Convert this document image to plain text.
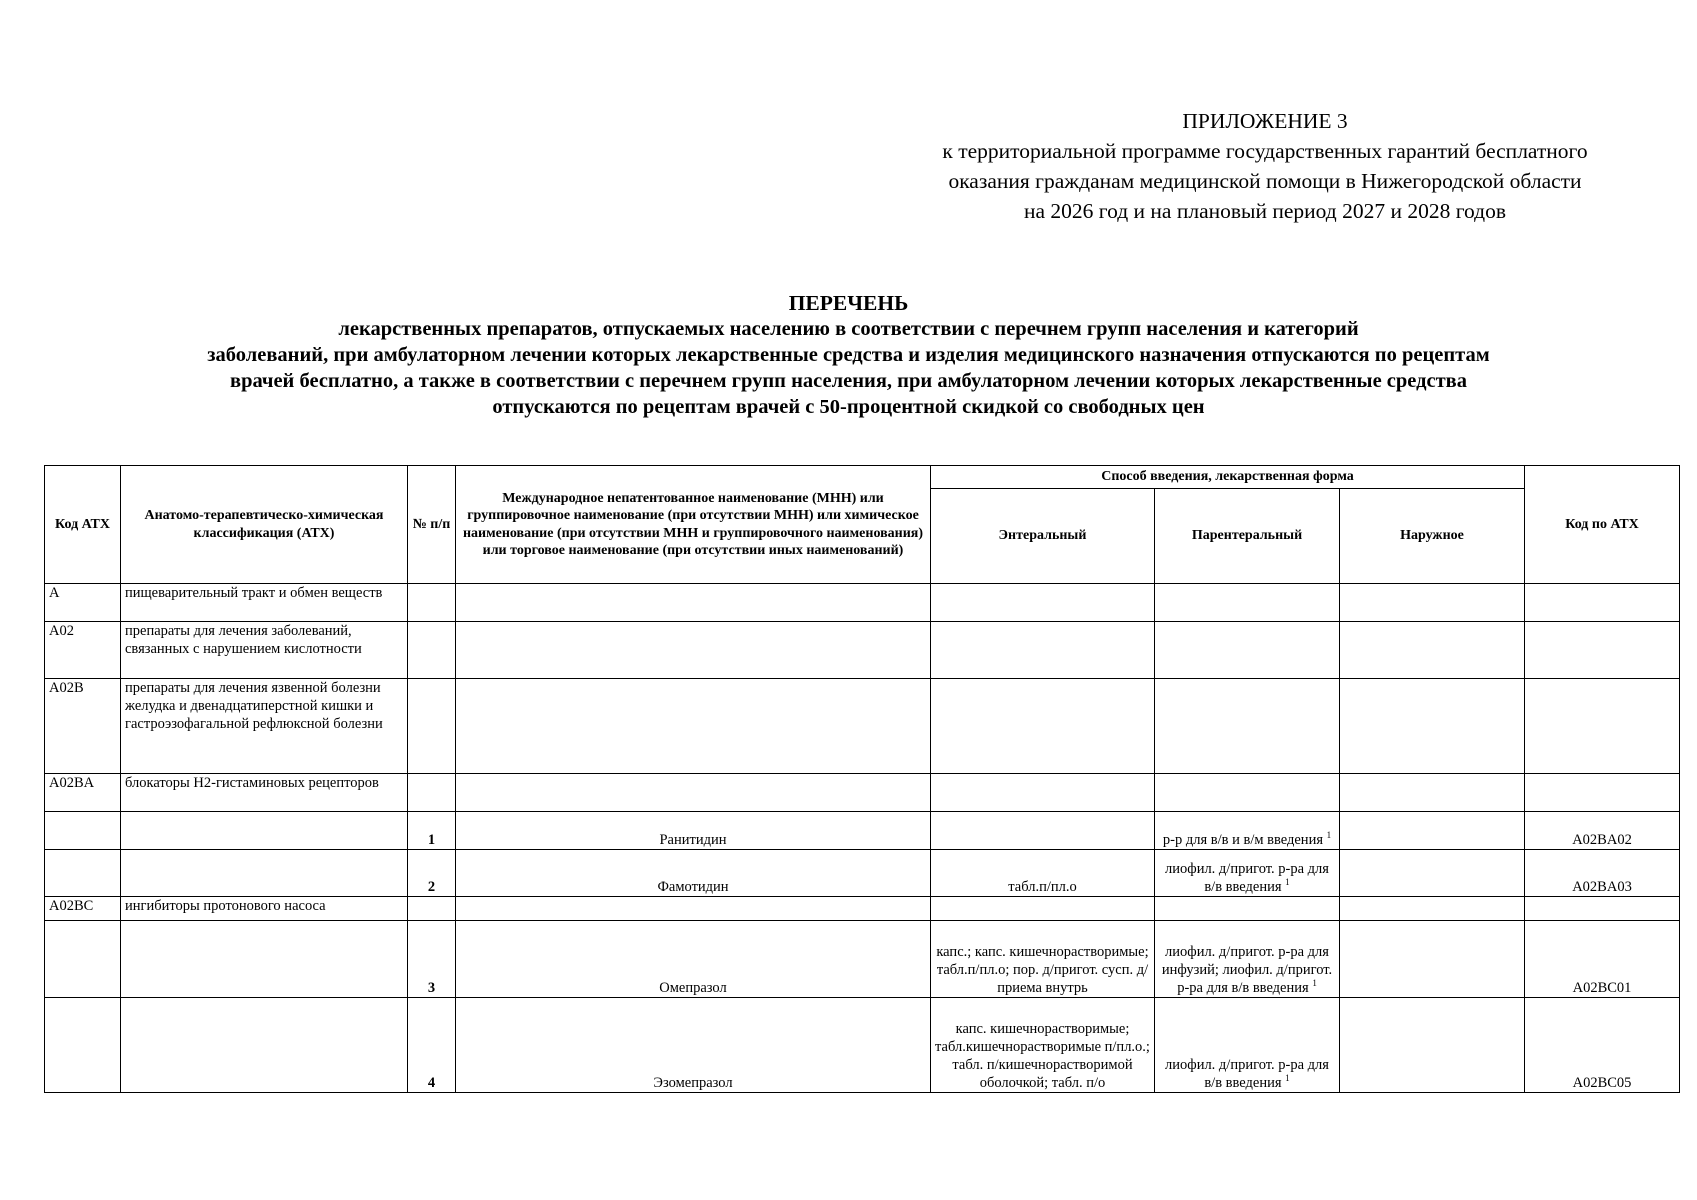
ПРИЛОЖЕНИЕ 3
к территориальной программе государственных гарантий бесплатного
оказания гражданам медицинской помощи в Нижегородской области
на 2026 год и на плановый период 2027 и 2028 годов
ПЕРЕЧЕНЬ
лекарственных препаратов, отпускаемых населению в соответствии с перечнем групп населения и категорий
заболеваний, при амбулаторном лечении которых лекарственные средства и изделия медицинского назначения отпускаются по рецептам
врачей бесплатно, а также в соответствии с перечнем групп населения, при амбулаторном лечении которых лекарственные средства
отпускаются по рецептам врачей с 50-процентной скидкой со свободных цен
Код АТХ	Анатомо-терапевтическо-химическая классификация (АТХ)	№ п/п	Международное непатентованное наименование (МНН) или группировочное наименование (при отсутствии МНН) или химическое наименование (при отсутствии МНН и группировочного наименования) или торговое наименование (при отсутствии иных наименований)	Способ введения, лекарственная форма			Код по АТХ
				Энтеральный	Парентеральный	Наружное	
A	пищеварительный тракт и обмен веществ						
A02	препараты для лечения заболеваний, связанных с нарушением кислотности						
A02B	препараты для лечения язвенной болезни желудка и двенадцатиперстной кишки и гастроэзофагальной рефлюксной болезни						
A02BA	блокаторы H2-гистаминовых рецепторов						
		1	Ранитидин		р-р для в/в и в/м введения $^1$		A02BA02
		2	Фамотидин	табл.п/пл.о	лиофил. д/пригот. р-ра для в/в введения $^1$		A02BA03
A02BC	ингибиторы протонового насоса						
		3	Омепразол	капс.; капс. кишечнорастворимые; табл.п/пл.о; пор. д/пригот. сусп. д/приема внутрь	лиофил. д/пригот. р-ра для инфузий; лиофил. д/пригот. р-ра для в/в введения $^1$		A02BC01
		4	Эзомепразол	капс. кишечнорастворимые; табл.кишечнорастворимые п/пл.о.; табл. п/кишечнорастворимой оболочкой; табл. п/о	лиофил. д/пригот. р-ра для в/в введения $^1$		A02BC05
